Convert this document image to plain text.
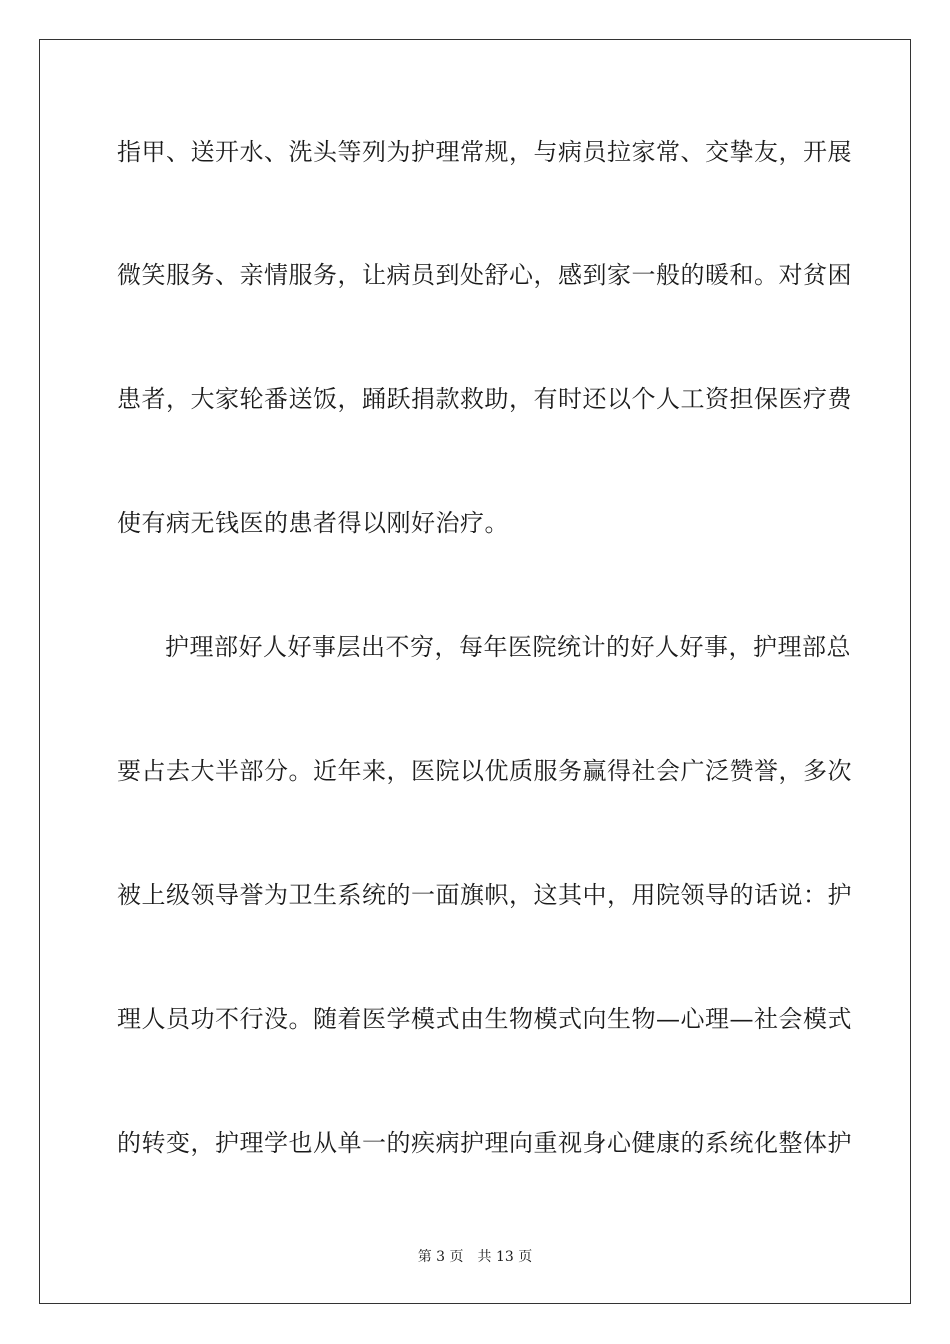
指甲、送开水、洗头等列为护理常规，与病员拉家常、交挚友，开展
微笑服务、亲情服务，让病员到处舒心，感到家一般的暖和。对贫困
患者，大家轮番送饭，踊跃捐款救助，有时还以个人工资担保医疗费
使有病无钱医的患者得以刚好治疗。
护理部好人好事层出不穷，每年医院统计的好人好事，护理部总
要占去大半部分。近年来，医院以优质服务赢得社会广泛赞誉，多次
被上级领导誉为卫生系统的一面旗帜，这其中，用院领导的话说：护
理人员功不行没。随着医学模式由生物模式向生物—心理—社会模式
的转变，护理学也从单一的疾病护理向重视身心健康的系统化整体护
第 3 页 共 13 页
